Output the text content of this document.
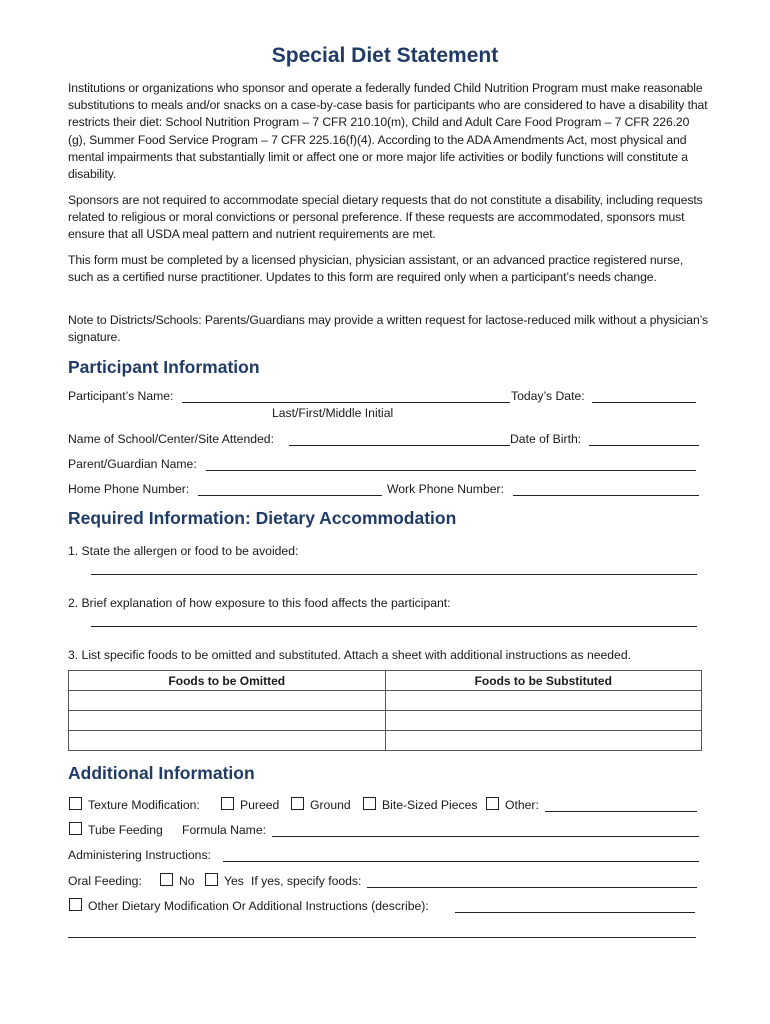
Special Diet Statement

Institutions or organizations who sponsor and operate a federally funded Child Nutrition Program must make reasonable substitutions to meals and/or snacks on a case-by-case basis for participants who are considered to have a disability that restricts their diet: School Nutrition Program – 7 CFR 210.10(m), Child and Adult Care Food Program – 7 CFR 226.20 (g), Summer Food Service Program – 7 CFR 225.16(f)(4). According to the ADA Amendments Act, most physical and mental impairments that substantially limit or affect one or more major life activities or bodily functions will constitute a disability.

Sponsors are not required to accommodate special dietary requests that do not constitute a disability, including requests related to religious or moral convictions or personal preference. If these requests are accommodated, sponsors must ensure that all USDA meal pattern and nutrient requirements are met.

This form must be completed by a licensed physician, physician assistant, or an advanced practice registered nurse, such as a certified nurse practitioner. Updates to this form are required only when a participant’s needs change.

Note to Districts/Schools: Parents/Guardians may provide a written request for lactose-reduced milk without a physician’s signature.

Participant Information
Participant’s Name:	Today’s Date:
Last/First/Middle Initial
Name of School/Center/Site Attended:	Date of Birth:
Parent/Guardian Name:
Home Phone Number:	Work Phone Number:
Required Information: Dietary Accommodation
1. State the allergen or food to be avoided:
2. Brief explanation of how exposure to this food affects the participant:
3. List specific foods to be omitted and substituted. Attach a sheet with additional instructions as needed.
Foods to be Omitted	Foods to be Substituted

Additional Information
Texture Modification:	Pureed	Ground	Bite-Sized Pieces Other:
Tube Feeding Formula Name:
Administering Instructions:
Oral Feeding:	No Yes If yes, specify foods:
Other Dietary Modification Or Additional Instructions (describe):
